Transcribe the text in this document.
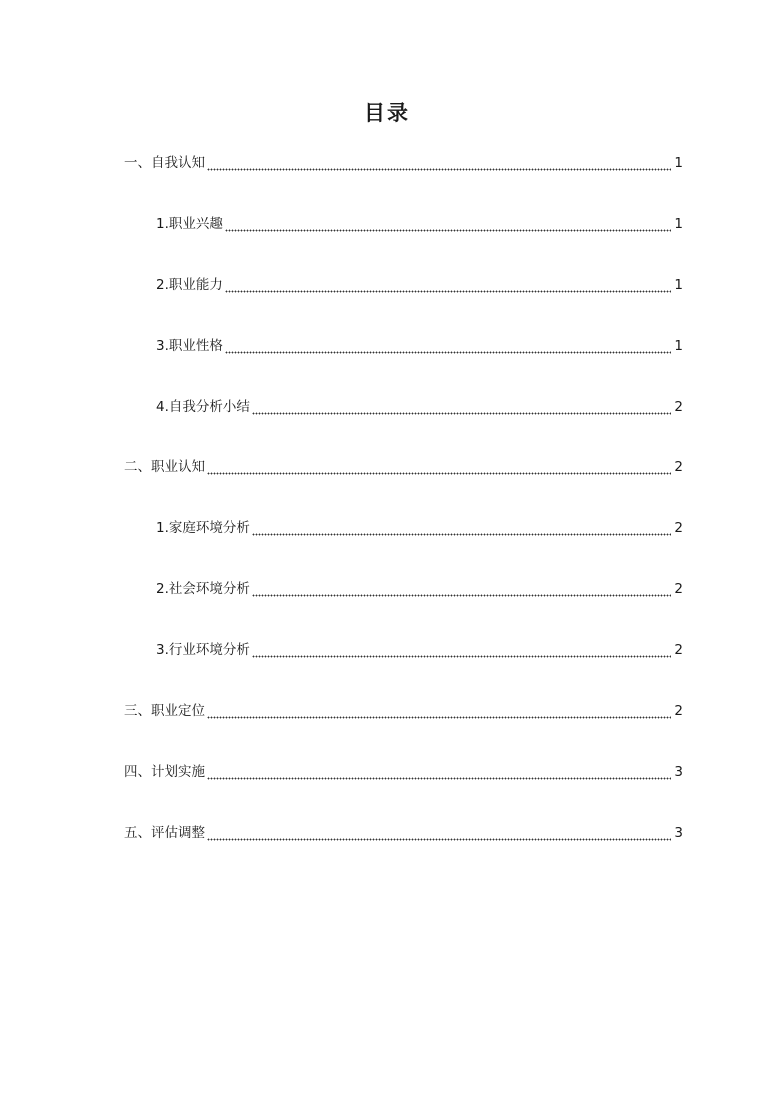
目录
一、自我认知	1
1.职业兴趣	1
2.职业能力	1
3.职业性格	1
4.自我分析小结	2
二、职业认知	2
1.家庭环境分析	2
2.社会环境分析	2
3.行业环境分析	2
三、职业定位	2
四、计划实施	3
五、评估调整	3
